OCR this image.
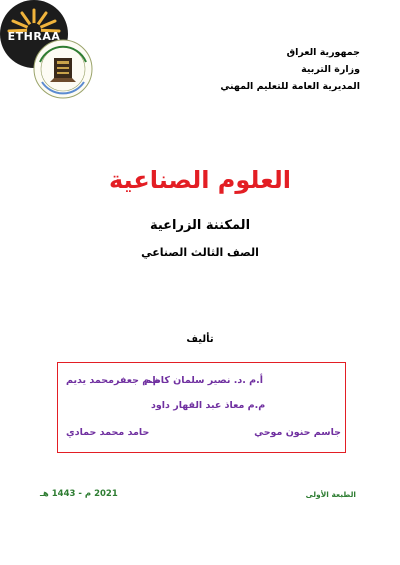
ETHRAA
جمهورية العراق
وزارة التربية
المديرية العامة للتعليم المهني
العلوم الصناعية
المكننة الزراعية
الصف الثالث الصناعي
تأليف
أ.م .د. نصير سلمان كاظم
م.م جعفرمحمد يديم
م.م معاذ عبد القهار داود
جاسم حنون موحي
حامد محمد حمادي
الطبعة الأولى
2021 م - 1443 هـ
